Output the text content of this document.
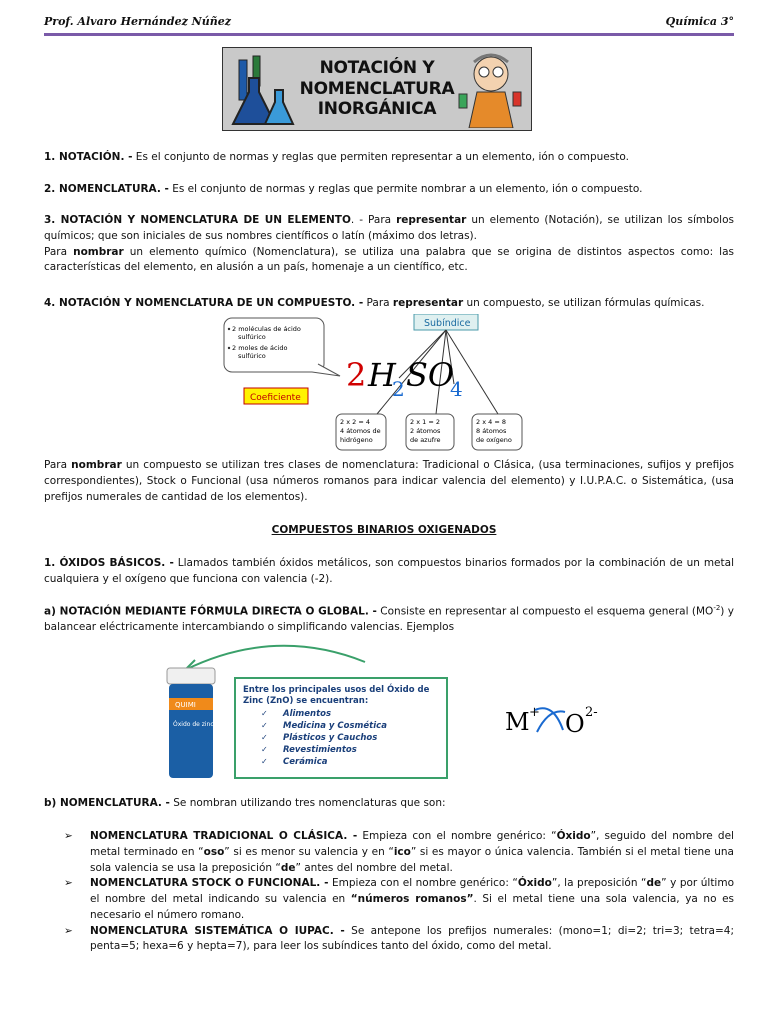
Prof. Alvaro Hernández Núñez	Química 3°
NOTACIÓN Y
NOMENCLATURA
INORGÁNICA

1. NOTACIÓN. - Es el conjunto de normas y reglas que permiten representar a un elemento, ión o compuesto.

2. NOMENCLATURA. - Es el conjunto de normas y reglas que permite nombrar a un elemento, ión o compuesto.

3. NOTACIÓN Y NOMENCLATURA DE UN ELEMENTO. - Para representar un elemento (Notación), se utilizan los símbolos químicos; que son iniciales de sus nombres científicos o latín (máximo dos letras).

Para nombrar un elemento químico (Nomenclatura), se utiliza una palabra que se origina de distintos aspectos como: las características del elemento, en alusión a un país, homenaje a un científico, etc.

4. NOTACIÓN Y NOMENCLATURA DE UN COMPUESTO. - Para representar un compuesto, se utilizan fórmulas químicas.

2 moléculas de ácido
sulfúrico
2 moles de ácido
sulfúrico
Coeficiente
Subíndice
2 H
2 SO
4
2 x 2 = 4
4 átomos de
hidrógeno
2 x 1 = 2
2 átomos
de azufre
2 x 4 = 8
8 átomos
de oxígeno

Para nombrar un compuesto se utilizan tres clases de nomenclatura: Tradicional o Clásica, (usa terminaciones, sufijos y prefijos correspondientes), Stock o Funcional (usa números romanos para indicar valencia del elemento) y I.U.P.A.C. o Sistemática, (usa prefijos numerales de cantidad de los elementos).

COMPUESTOS BINARIOS OXIGENADOS

1. ÓXIDOS BÁSICOS. - Llamados también óxidos metálicos, son compuestos binarios formados por la combinación de un metal cualquiera y el oxígeno que funciona con valencia (-2).

a) NOTACIÓN MEDIANTE FÓRMULA DIRECTA O GLOBAL. - Consiste en representar al compuesto el esquema general $(MO^{-2})$ y balancear eléctricamente intercambiando o simplificando valencias. Ejemplos

QUIMI
Óxido de zinc
Entre los principales usos del Óxido de
Zinc (ZnO) se encuentran:
✓ Alimentos
✓ Medicina y Cosmética
✓ Plásticos y Cauchos
✓ Revestimientos
✓ Cerámica
M + O 2-

b) NOMENCLATURA. - Se nombran utilizando tres nomenclaturas que son:

➢	NOMENCLATURA TRADICIONAL O CLÁSICA. - Empieza con el nombre genérico: “Óxido”, seguido del nombre del metal terminado en “oso” si es menor su valencia y en “ico” si es mayor o única valencia. También si el metal tiene una sola valencia se usa la preposición “de” antes del nombre del metal.

➢	NOMENCLATURA STOCK O FUNCIONAL. - Empieza con el nombre genérico: “Óxido”, la preposición “de” y por último el nombre del metal indicando su valencia en “números romanos”. Si el metal tiene una sola valencia, ya no es necesario el número romano.

➢	NOMENCLATURA SISTEMÁTICA O IUPAC. - Se antepone los prefijos numerales: (mono=1; di=2; tri=3; tetra=4; penta=5; hexa=6 y hepta=7), para leer los subíndices tanto del óxido, como del metal.
